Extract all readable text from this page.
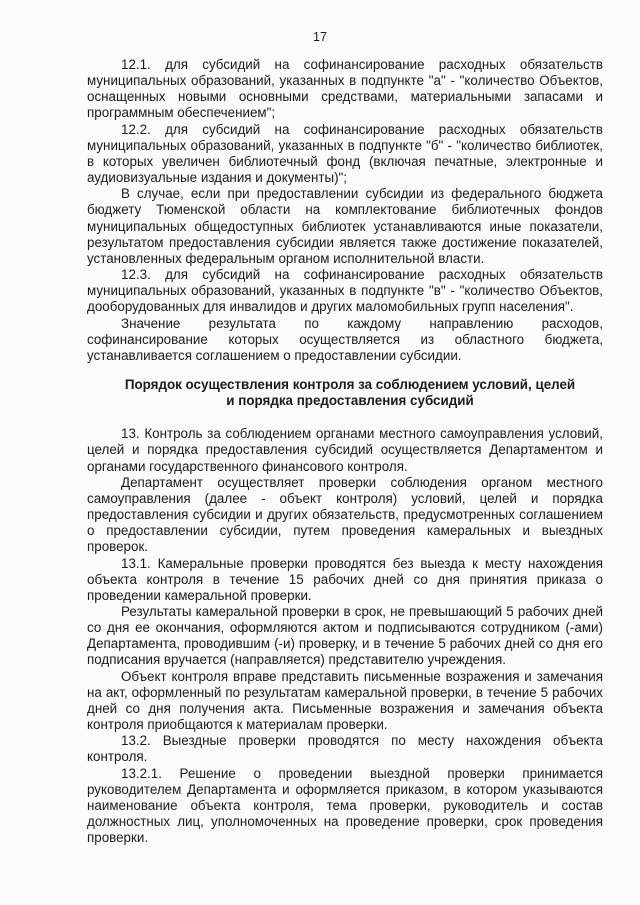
17

12.1. для субсидий на софинансирование расходных обязательств муниципальных образований, указанных в подпункте "а" - "количество Объектов, оснащенных новыми основными средствами, материальными запасами и программным обеспечением";

12.2. для субсидий на софинансирование расходных обязательств муниципальных образований, указанных в подпункте "б" - "количество библиотек, в которых увеличен библиотечный фонд (включая печатные, электронные и аудиовизуальные издания и документы)";

В случае, если при предоставлении субсидии из федерального бюджета бюджету Тюменской области на комплектование библиотечных фондов муниципальных общедоступных библиотек устанавливаются иные показатели, результатом предоставления субсидии является также достижение показателей, установленных федеральным органом исполнительной власти.

12.3. для субсидий на софинансирование расходных обязательств муниципальных образований, указанных в подпункте "в" - "количество Объектов, дооборудованных для инвалидов и других маломобильных групп населения".

Значение результата по каждому направлению расходов, софинансирование которых осуществляется из областного бюджета, устанавливается соглашением о предоставлении субсидии.

Порядок осуществления контроля за соблюдением условий, целей
и порядка предоставления субсидий

13. Контроль за соблюдением органами местного самоуправления условий, целей и порядка предоставления субсидий осуществляется Департаментом и органами государственного финансового контроля.

Департамент осуществляет проверки соблюдения органом местного самоуправления (далее - объект контроля) условий, целей и порядка предоставления субсидии и других обязательств, предусмотренных соглашением о предоставлении субсидии, путем проведения камеральных и выездных проверок.

13.1. Камеральные проверки проводятся без выезда к месту нахождения объекта контроля в течение 15 рабочих дней со дня принятия приказа о проведении камеральной проверки.

Результаты камеральной проверки в срок, не превышающий 5 рабочих дней со дня ее окончания, оформляются актом и подписываются сотрудником (-ами) Департамента, проводившим (-и) проверку, и в течение 5 рабочих дней со дня его подписания вручается (направляется) представителю учреждения.

Объект контроля вправе представить письменные возражения и замечания на акт, оформленный по результатам камеральной проверки, в течение 5 рабочих дней со дня получения акта. Письменные возражения и замечания объекта контроля приобщаются к материалам проверки.

13.2. Выездные проверки проводятся по месту нахождения объекта контроля.

13.2.1. Решение о проведении выездной проверки принимается руководителем Департамента и оформляется приказом, в котором указываются наименование объекта контроля, тема проверки, руководитель и состав должностных лиц, уполномоченных на проведение проверки, срок проведения проверки.
